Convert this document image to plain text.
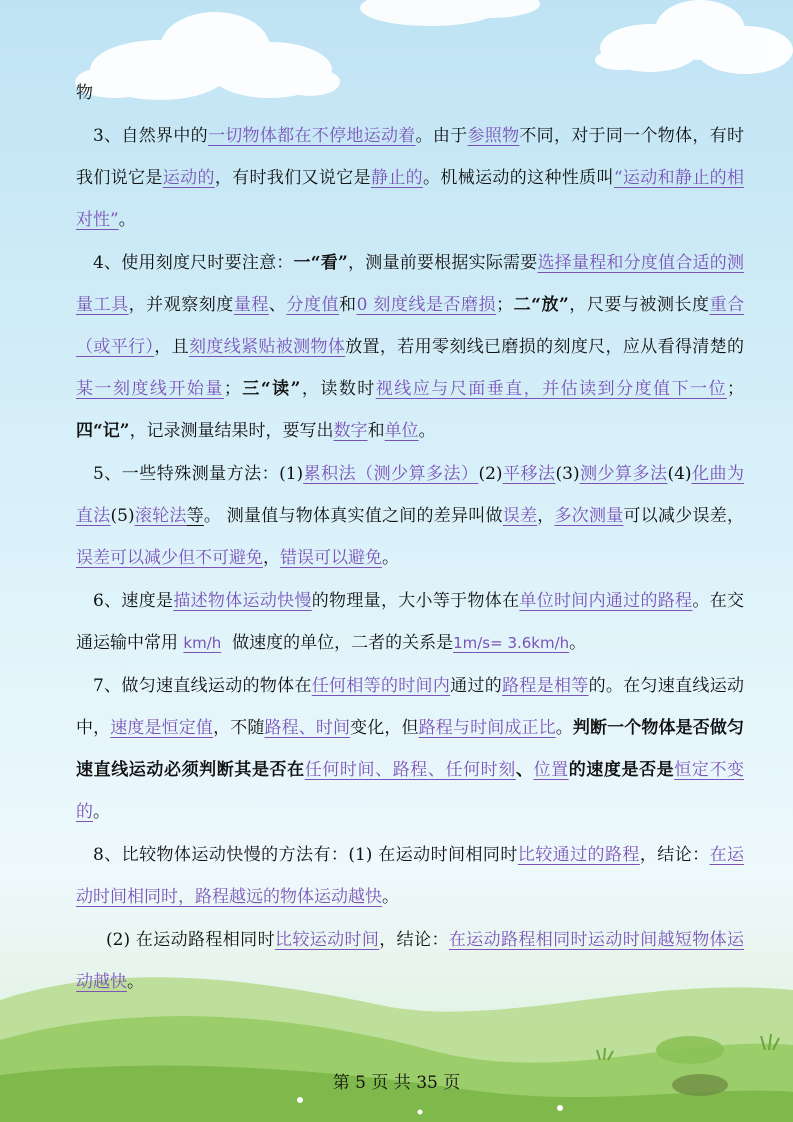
物

3、自然界中的一切物体都在不停地运动着。由于参照物不同，对于同一个物体，有时我们说它是运动的，有时我们又说它是静止的。机械运动的这种性质叫“运动和静止的相对性”。

4、使用刻度尺时要注意：一“看”，测量前要根据实际需要选择量程和分度值合适的测量工具，并观察刻度量程、分度值和0 刻度线是否磨损；二“放”，尺要与被测长度重合（或平行），且刻度线紧贴被测物体放置，若用零刻线已磨损的刻度尺，应从看得清楚的某一刻度线开始量；三“读”，读数时视线应与尺面垂直，并估读到分度值下一位；四“记”，记录测量结果时，要写出数字和单位。

5、一些特殊测量方法：(1)累积法（测少算多法）(2)平移法(3)测少算多法(4)化曲为直法(5)滚轮法等。 测量值与物体真实值之间的差异叫做误差，多次测量可以减少误差，误差可以减少但不可避免，错误可以避免。

6、速度是描述物体运动快慢的物理量，大小等于物体在单位时间内通过的路程。在交通运输中常用 km/h 做速度的单位，二者的关系是1m/s= 3.6km/h。

7、做匀速直线运动的物体在任何相等的时间内通过的路程是相等的。在匀速直线运动中，速度是恒定值，不随路程、时间变化，但路程与时间成正比。判断一个物体是否做匀速直线运动必须判断其是否在任何时间、路程、任何时刻、位置的速度是否是恒定不变的。

8、比较物体运动快慢的方法有：(1) 在运动时间相同时比较通过的路程，结论：在运动时间相同时，路程越远的物体运动越快。

(2) 在运动路程相同时比较运动时间，结论：在运动路程相同时运动时间越短物体运动越快。

第 5 页 共 35 页
